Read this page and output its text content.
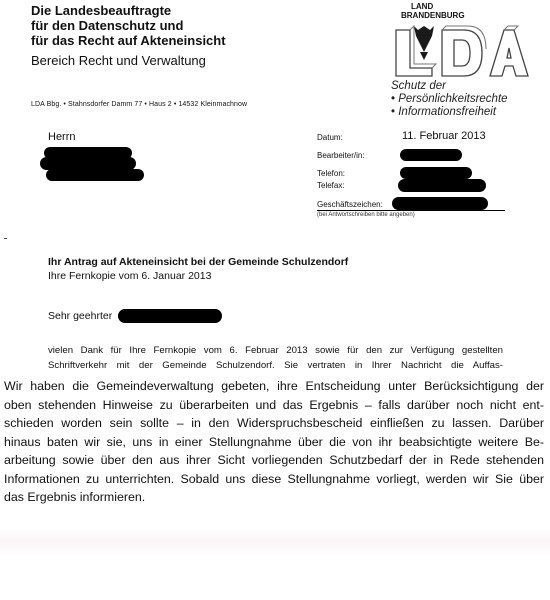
Die Landesbeauftragte
für den Datenschutz und
für das Recht auf Akteneinsicht
Bereich Recht und Verwaltung
LDA Bbg. • Stahnsdorfer Damm 77 • Haus 2 • 14532 Kleinmachnow
LAND
BRANDENBURG
Schutz der
• Persönlichkeitsrechte
• Informationsfreiheit
Herrn	Datum:	11. Februar 2013
Bearbeiter/in:
Telefon:
Telefax:
Geschäftszeichen:
(bei Antwortschreiben bitte angeben)
Ihr Antrag auf Akteneinsicht bei der Gemeinde Schulzendorf
Ihre Fernkopie vom 6. Januar 2013
Sehr geehrter
vielen Dank für Ihre Fernkopie vom 6. Februar 2013 sowie für den zur Verfügung gestellten
Schriftverkehr mit der Gemeinde Schulzendorf. Sie vertraten in Ihrer Nachricht die Auffas-
Wir haben die Gemeindeverwaltung gebeten, ihre Entscheidung unter Berücksichtigung der
oben stehenden Hinweise zu überarbeiten und das Ergebnis – falls darüber noch nicht ent-
schieden worden sein sollte – in den Widerspruchsbescheid einfließen zu lassen. Darüber
hinaus baten wir sie, uns in einer Stellungnahme über die von ihr beabsichtigte weitere Be-
arbeitung sowie über den aus ihrer Sicht vorliegenden Schutzbedarf der in Rede stehenden
Informationen zu unterrichten. Sobald uns diese Stellungnahme vorliegt, werden wir Sie über
das Ergebnis informieren.
